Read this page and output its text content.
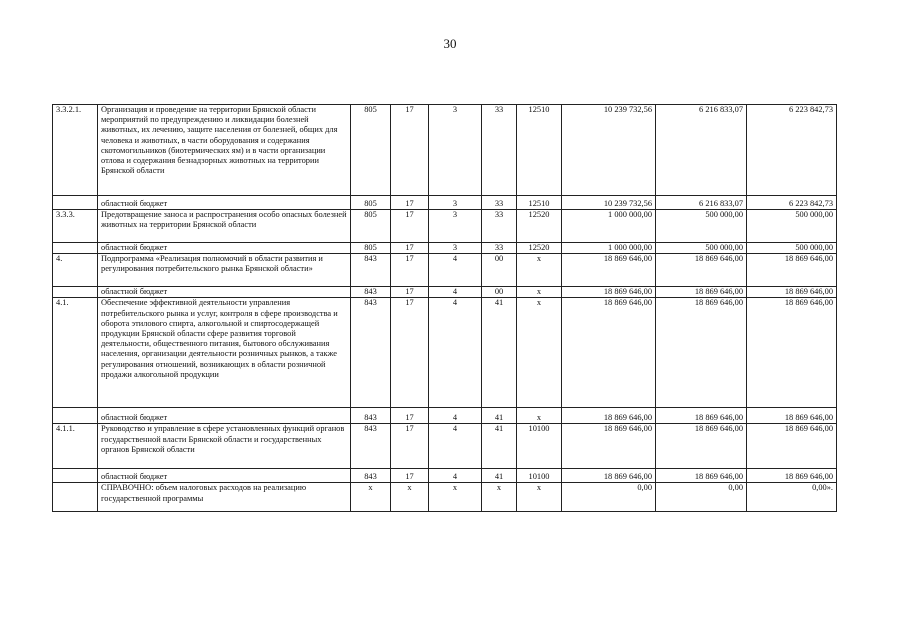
30
3.3.2.1.	Организация и проведение на территории Брянской области мероприятий по предупреждению и ликвидации болезней животных, их лечению, защите населения от болезней, общих для человека и животных, в части оборудования и содержания скотомогильников (биотермических ям) и в части организации отлова и содержания безнадзорных животных на территории Брянской области	805	17	3	33	12510	10 239 732,56	6 216 833,07	6 223 842,73
	областной бюджет	805	17	3	33	12510	10 239 732,56	6 216 833,07	6 223 842,73
3.3.3.	Предотвращение заноса и распространения особо опасных болезней животных на территории Брянской области	805	17	3	33	12520	1 000 000,00	500 000,00	500 000,00
	областной бюджет	805	17	3	33	12520	1 000 000,00	500 000,00	500 000,00
4.	Подпрограмма «Реализация полномочий в области развития и регулирования потребительского рынка Брянской области»	843	17	4	00	х	18 869 646,00	18 869 646,00	18 869 646,00
	областной бюджет	843	17	4	00	х	18 869 646,00	18 869 646,00	18 869 646,00
4.1.	Обеспечение эффективной деятельности управления потребительского рынка и услуг, контроля в сфере производства и оборота этилового спирта, алкогольной и спиртосодержащей продукции Брянской области сфере развития торговой деятельности, общественного питания, бытового обслуживания населения, организации деятельности розничных рынков, а также регулирования отношений, возникающих в области розничной продажи алкогольной продукции	843	17	4	41	х	18 869 646,00	18 869 646,00	18 869 646,00
	областной бюджет	843	17	4	41	х	18 869 646,00	18 869 646,00	18 869 646,00
4.1.1.	Руководство и управление в сфере установленных функций органов государственной власти Брянской области и государственных органов Брянской области	843	17	4	41	10100	18 869 646,00	18 869 646,00	18 869 646,00
	областной бюджет	843	17	4	41	10100	18 869 646,00	18 869 646,00	18 869 646,00
	СПРАВОЧНО: объем налоговых расходов на реализацию государственной программы	х	х	х	х	х	0,00	0,00	0,00».
